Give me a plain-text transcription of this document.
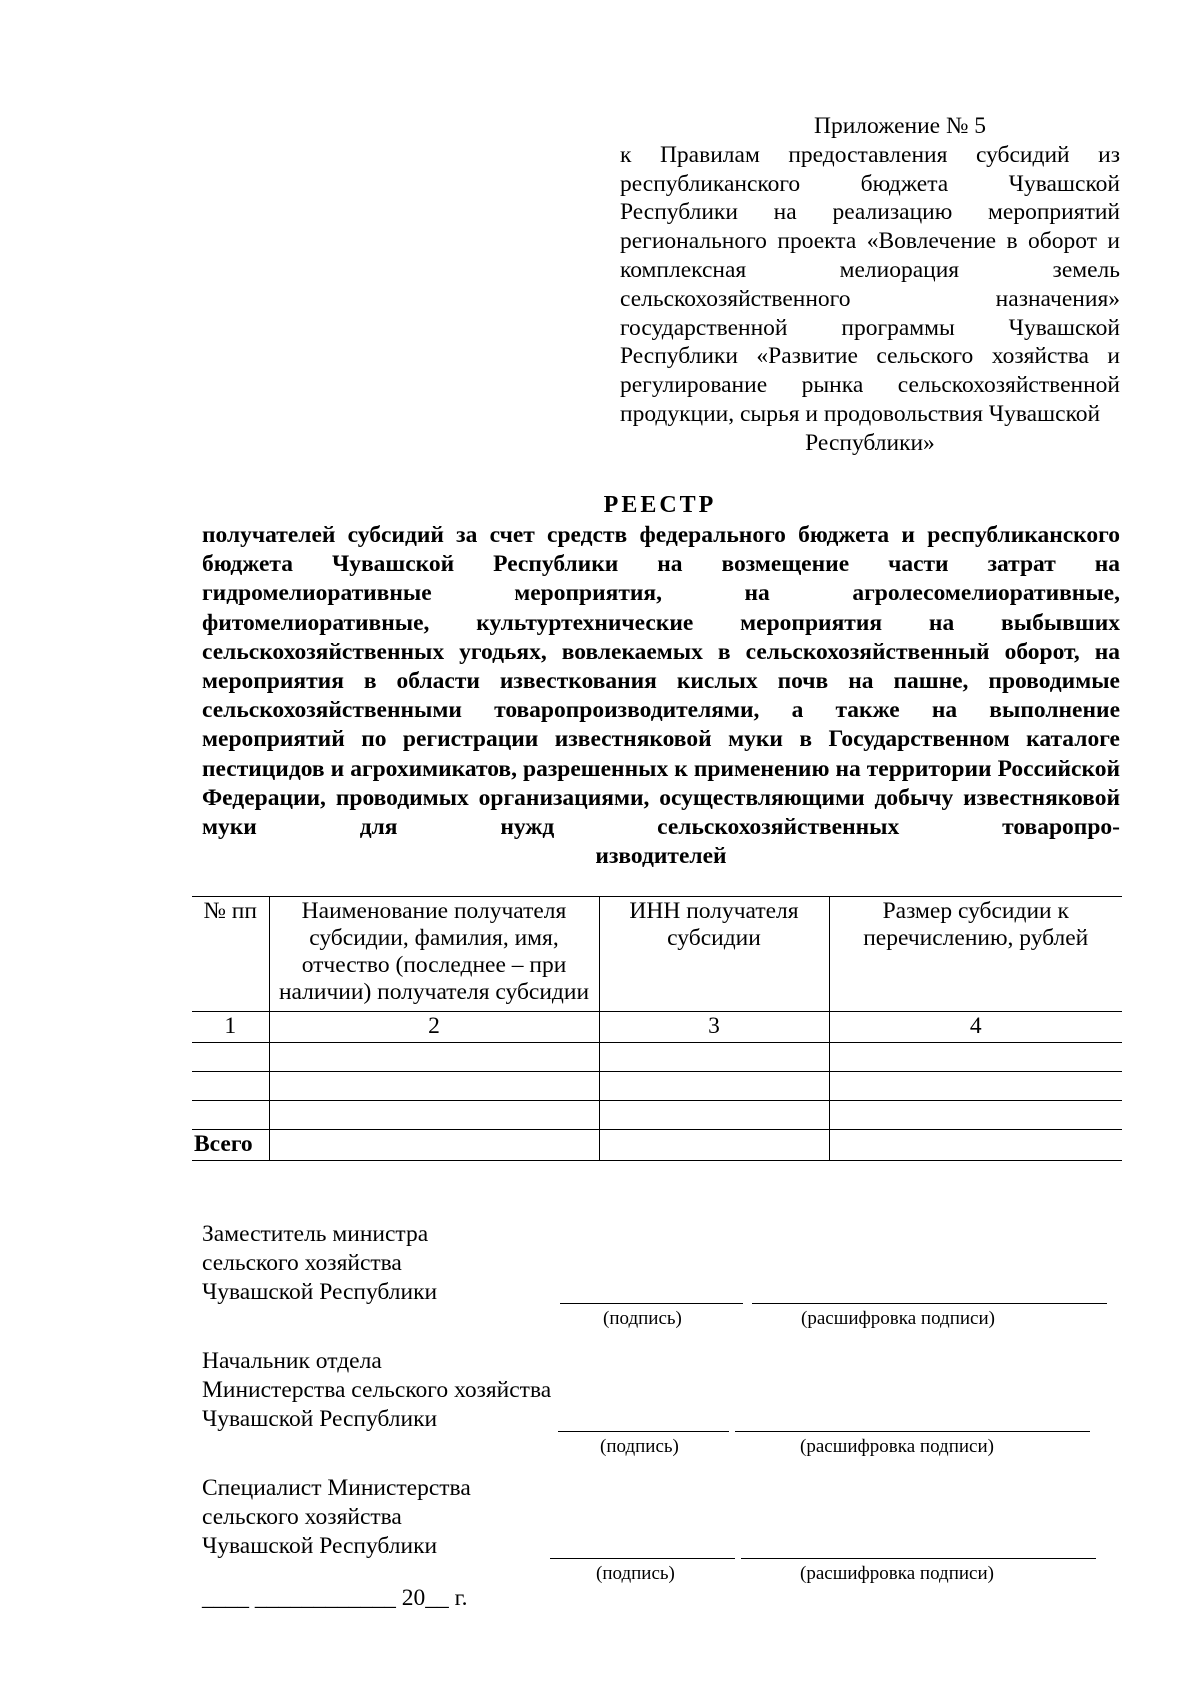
Приложение № 5
к Правилам предоставления субсидий из республиканского бюджета Чувашской Республики на реализацию мероприятий регионального проекта «Вовлечение в оборот и комплексная мелиорация земель сельскохозяйственного назначения» государственной программы Чувашской Республики «Развитие сельского хозяйства и регулирование рынка сельскохозяйственной продукции, сырья и продовольствия Чувашской
Республики»
РЕЕСТР
получателей субсидий за счет средств федерального бюджета и республиканского бюджета Чувашской Республики на возмещение части затрат на гидромелиоративные мероприятия, на агролесомелиоративные, фитомелиоративные, культуртехнические мероприятия на выбывших сельскохозяйственных угодьях, вовлекаемых в сельскохозяйственный оборот, на мероприятия в области известкования кислых почв на пашне, проводимые сельскохозяйственными товаропроизводителями, а также на выполнение мероприятий по регистрации известняковой муки в Государственном каталоге пестицидов и агрохимикатов, разрешенных к применению на территории Российской Федерации, проводимых организациями, осуществляющими добычу известняковой муки для нужд сельскохозяйственных товаропро-
изводителей
№ пп	Наименование получателя субсидии, фамилия, имя, отчество (последнее – при наличии) получателя субсидии	ИНН получателя субсидии	Размер субсидии к перечислению, рублей
1	2	3	4

Всего			
Заместитель министра
сельского хозяйства
Чувашской Республики
(подпись)	(расшифровка подписи)
Начальник отдела
Министерства сельского хозяйства
Чувашской Республики
(подпись)	(расшифровка подписи)
Специалист Министерства
сельского хозяйства
Чувашской Республики
(подпись)	(расшифровка подписи)
____ ____________ 20__ г.
